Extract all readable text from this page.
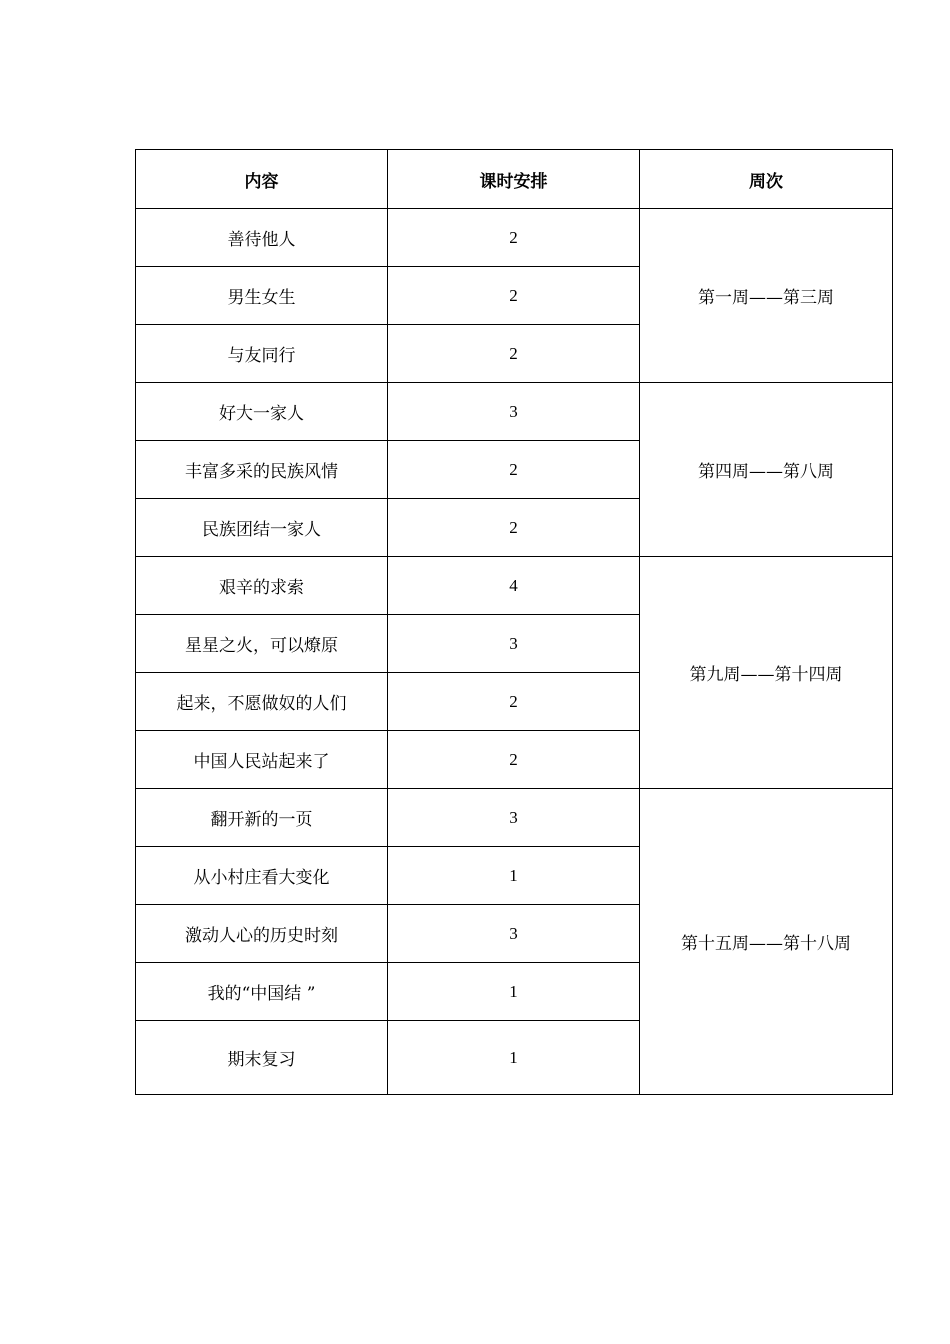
内容	课时安排	周次
善待他人	2	第一周——第三周
男生女生	2	
与友同行	2	
好大一家人	3	第四周——第八周
丰富多采的民族风情	2	
民族团结一家人	2	
艰辛的求索	4	第九周——第十四周
星星之火，可以燎原	3	
起来，不愿做奴的人们	2	
中国人民站起来了	2	
翻开新的一页	3	第十五周——第十八周
从小村庄看大变化	1	
激动人心的历史时刻	3	
我的“中国结 ”	1	
期末复习	1	
